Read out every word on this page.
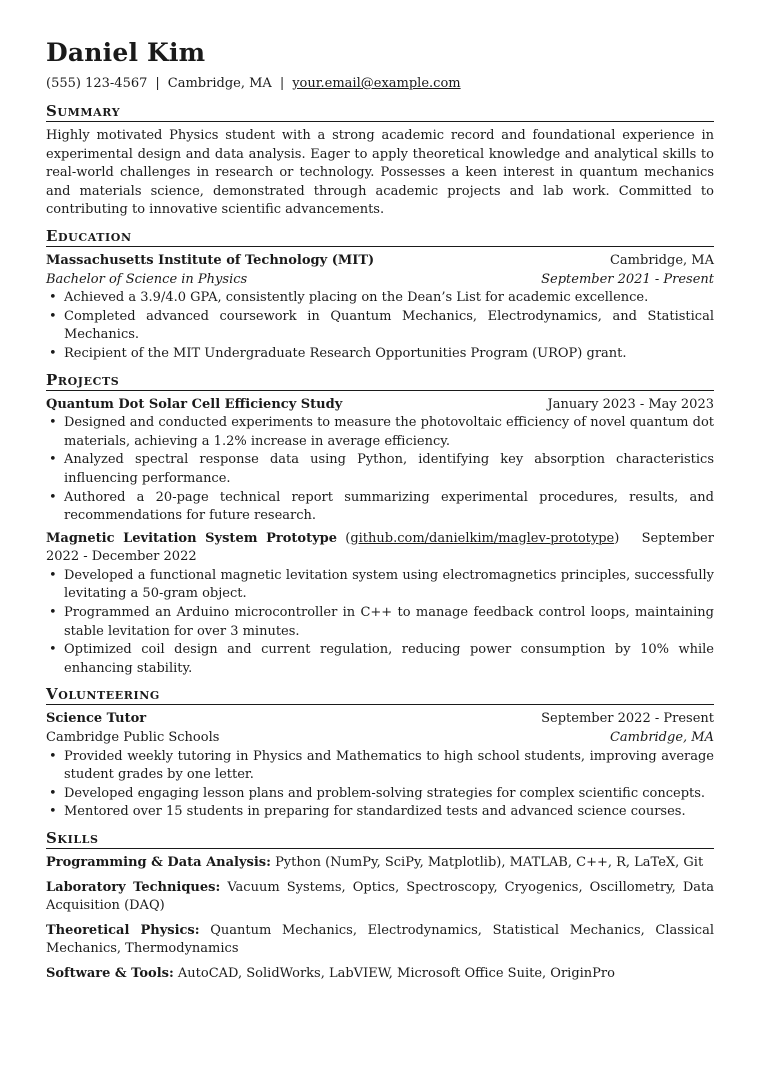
Daniel Kim
(555) 123-4567 | Cambridge, MA | your.email@example.com
Summary

Highly motivated Physics student with a strong academic record and foundational experience in experimental design and data analysis. Eager to apply theoretical knowledge and analytical skills to real-world challenges in research or technology. Possesses a keen interest in quantum mechanics and materials science, demonstrated through academic projects and lab work. Committed to contributing to innovative scientific advancements.

Education
Massachusetts Institute of Technology (MIT)	Cambridge, MA
Bachelor of Science in Physics	September 2021 - Present
• Achieved a 3.9/4.0 GPA, consistently placing on the Dean’s List for academic excellence.
• Completed advanced coursework in Quantum Mechanics, Electrodynamics, and Statistical Mechanics.
• Recipient of the MIT Undergraduate Research Opportunities Program (UROP) grant.
Projects
Quantum Dot Solar Cell Efficiency Study	January 2023 - May 2023
• Designed and conducted experiments to measure the photovoltaic efficiency of novel quantum dot materials, achieving a 1.2% increase in average efficiency.
• Analyzed spectral response data using Python, identifying key absorption characteristics influencing performance.
• Authored a 20-page technical report summarizing experimental procedures, results, and recommendations for future research.
Magnetic Levitation System Prototype (github.com/danielkim/maglev-prototype) September 2022 - December 2022
• Developed a functional magnetic levitation system using electromagnetics principles, successfully levitating a 50-gram object.
• Programmed an Arduino microcontroller in C++ to manage feedback control loops, maintaining stable levitation for over 3 minutes.
• Optimized coil design and current regulation, reducing power consumption by 10% while enhancing stability.
Volunteering
Science Tutor	September 2022 - Present
Cambridge Public Schools	Cambridge, MA
• Provided weekly tutoring in Physics and Mathematics to high school students, improving average student grades by one letter.
• Developed engaging lesson plans and problem-solving strategies for complex scientific concepts.
• Mentored over 15 students in preparing for standardized tests and advanced science courses.
Skills

Programming & Data Analysis: Python (NumPy, SciPy, Matplotlib), MATLAB, C++, R, LaTeX, Git

Laboratory Techniques: Vacuum Systems, Optics, Spectroscopy, Cryogenics, Oscillometry, Data Acquisition (DAQ)

Theoretical Physics: Quantum Mechanics, Electrodynamics, Statistical Mechanics, Classical Mechanics, Thermodynamics

Software & Tools: AutoCAD, SolidWorks, LabVIEW, Microsoft Office Suite, OriginPro
